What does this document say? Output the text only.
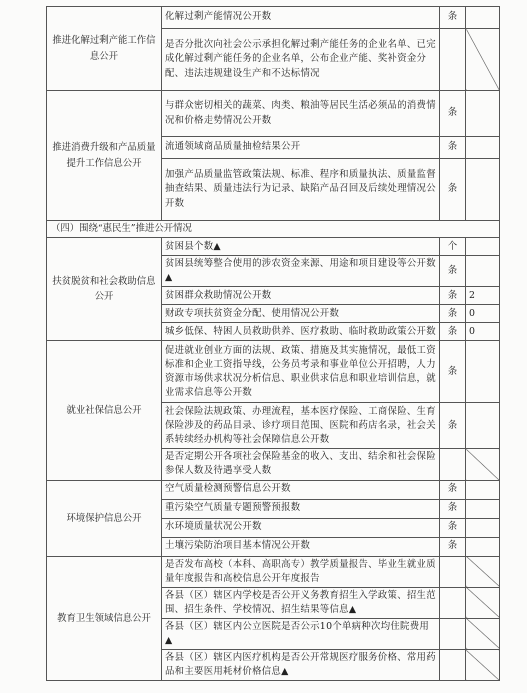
推进化解过剩产能工作信息公开	化解过剩产能情况公开数	条	
	是否分批次向社会公示承担化解过剩产能任务的企业名单、已完成化解过剩产能任务的企业名单，公布企业产能、奖补资金分配、违法违规建设生产和不达标情况		
推进消费升级和产品质量提升工作信息公开	与群众密切相关的蔬菜、肉类、粮油等居民生活必须品的消费情况和价格走势情况公开数	条	
	流通领域商品质量抽检结果公开	条	
	加强产品质量监管政策法规、标准、程序和质量执法、质量监督抽查结果、质量违法行为记录、缺陷产品召回及后续处理情况公开数	条	
（四）围绕“惠民生”推进公开情况			
扶贫脱贫和社会救助信息公开	贫困县个数▲	个	
	贫困县统筹整合使用的涉农资金来源、用途和项目建设等公开数▲	条	
	贫困群众救助情况公开数	条	2
	财政专项扶贫资金分配、使用情况公开数	条	0
	城乡低保、特困人员救助供养、医疗救助、临时救助政策公开数	条	0
就业社保信息公开	促进就业创业方面的法规、政策、措施及其实施情况，最低工资标准和企业工资指导线，公务员考录和事业单位公开招聘，人力资源市场供求状况分析信息、职业供求信息和职业培训信息，就业需求信息等公开数	条	
	社会保险法规政策、办理流程，基本医疗保险、工商保险、生育保险涉及的药品目录、诊疗项目范围、医院和药店名录，社会关系转续经办机构等社会保障信息公开数	条	
	是否定期公开各项社会保险基金的收入、支出、结余和社会保险参保人数及待遇享受人数		
环境保护信息公开	空气质量检测预警信息公开数	条	
	重污染空气质量专题预警预报数	条	
	水环境质量状况公开数	条	
	土壤污染防治项目基本情况公开数	条	
教育卫生领域信息公开	是否发布高校（本科、高职高专）教学质量报告、毕业生就业质量年度报告和高校信息公开年度报告		
	各县（区）辖区内学校是否公开义务教育招生入学政策、招生范围、招生条件、学校情况、招生结果等信息▲		
	各县（区）辖区内公立医院是否公示10个单病种次均住院费用▲		
	各县（区）辖区内医疗机构是否公开常规医疗服务价格、常用药品和主要医用耗材价格信息▲		
